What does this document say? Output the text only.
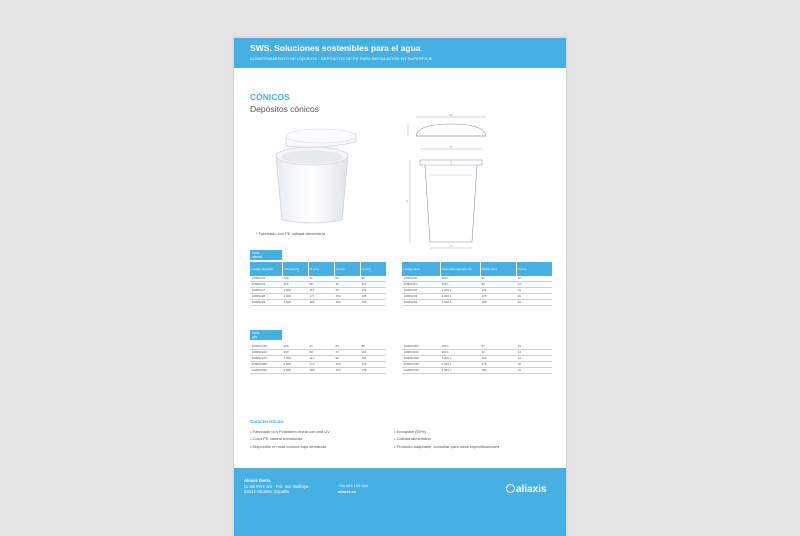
SWS. Soluciones sostenibles para el agua
ALMACENAMIENTO DE LÍQUIDOS - DEPÓSITOS DE PE PARA INSTALACIÓN EN SUPERFICIE
CÓNICOS
Depósitos cónicos
D1
D
H
d
* Fabricado con PE calidad alimentaria
Color
natural
Color
gris
Código depósito	Volumen (l)	D (cm)	d (cm)	H (cm)
1300S221	200	61	53	89
1300S224	300	88	72	110
1300S227	1.000	117	96	131
1300S228	2.000	171	150	135
1300S229	3.000	186	164	146
Código tapa	Tapa para depósito de	Ø(D1) (cm)	h (cm)
1300S230	200 L	67	13
1300S411	300 L	92	14
1300S232	1.000 L	120	14
1300S233	2.000 L	175	16
1300S234	3.000 L	188	23
1300S2190	200	61	53	89
1300S2240	300	88	72	110
1300S2270	1.000	117	96	131
1300S2280	2.000	171	150	135
1300S2290	3.000	186	164	146
1300S2300	200 L	67	13
1300S4110	300 L	92	14
1300S2320	1.000 L	120	14
1300S2330	2.000 L	175	16
1300S2340	3.000 L	188	23
Características:
• Fabricado con Polietileno lineal con anti-UV
• Color PE natural translúcido
• Disponible en más colores bajo demanda
• Encajable (50%)
• Calidad alimentaria
• Producto adaptable, consultar para otras especificaciones
Aliaxis Iberia
C/ del Ferr, s/n - Pol. Ind. Mañaya
03114 Alicante, España
+34 965 109 044
aliaxis.es	aliaxis
